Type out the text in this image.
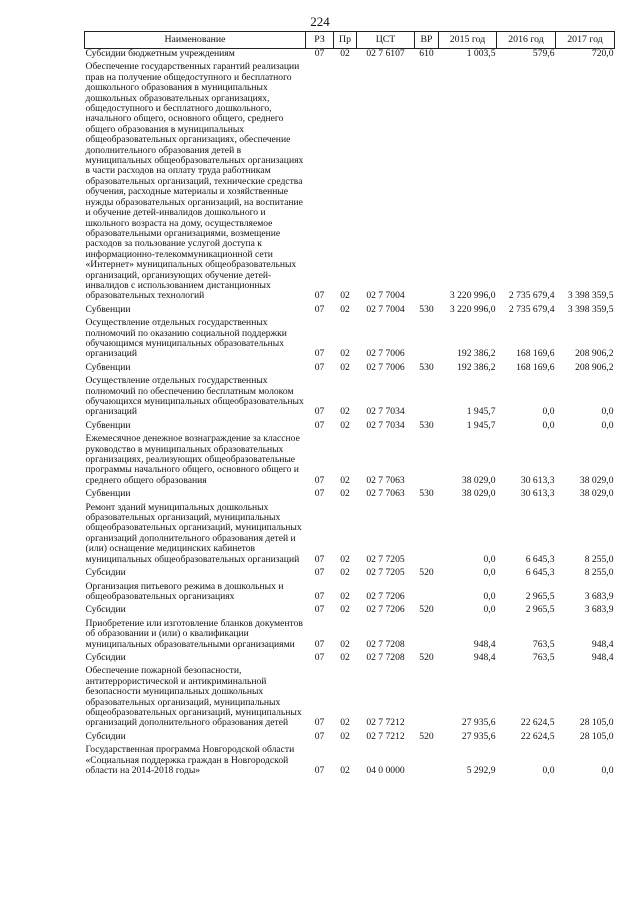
224
Наименование	РЗ	Пр	ЦСТ	ВР	2015 год	2016 год	2017 год
Субсидии бюджетным учреждениям	07	02	02 7 6107	610	1 003,5	579,6	720,0
Обеспечение государственных гарантий реализации прав на получение общедоступного и бесплатного дошкольного образования в муниципальных дошкольных образовательных организациях, общедоступного и бесплатного дошкольного, начального общего, основного общего, среднего общего образования в муниципальных общеобразовательных организациях, обеспечение дополнительного образования детей в муниципальных общеобразовательных организациях в части расходов на оплату труда работникам образовательных организаций, технические средства обучения, расходные материалы и хозяйственные нужды образовательных организаций, на воспитание и обучение детей-инвалидов дошкольного и школьного возраста на дому, осуществляемое образовательными организациями, возмещение расходов за пользование услугой доступа к информационно-телекоммуникационной сети «Интернет» муниципальных общеобразовательных организаций, организующих обучение детей-инвалидов с использованием дистанционных образовательных технологий	07	02	02 7 7004		3 220 996,0	2 735 679,4	3 398 359,5
Субвенции	07	02	02 7 7004	530	3 220 996,0	2 735 679,4	3 398 359,5
Осуществление отдельных государственных полномочий по оказанию социальной поддержки обучающимся муниципальных образовательных организаций	07	02	02 7 7006		192 386,2	168 169,6	208 906,2
Субвенции	07	02	02 7 7006	530	192 386,2	168 169,6	208 906,2
Осуществление отдельных государственных полномочий по обеспечению бесплатным молоком обучающихся муниципальных общеобразовательных организаций	07	02	02 7 7034		1 945,7	0,0	0,0
Субвенции	07	02	02 7 7034	530	1 945,7	0,0	0,0
Ежемесячное денежное вознаграждение за классное руководство в муниципальных образовательных организациях, реализующих общеобразовательные программы начального общего, основного общего и среднего общего образования	07	02	02 7 7063		38 029,0	30 613,3	38 029,0
Субвенции	07	02	02 7 7063	530	38 029,0	30 613,3	38 029,0
Ремонт зданий муниципальных дошкольных образовательных организаций, муниципальных общеобразовательных организаций, муниципальных организаций дополнительного образования детей и (или) оснащение медицинских кабинетов муниципальных общеобразовательных организаций	07	02	02 7 7205		0,0	6 645,3	8 255,0
Субсидии	07	02	02 7 7205	520	0,0	6 645,3	8 255,0
Организация питьевого режима в дошкольных и общеобразовательных организациях	07	02	02 7 7206		0,0	2 965,5	3 683,9
Субсидии	07	02	02 7 7206	520	0,0	2 965,5	3 683,9
Приобретение или изготовление бланков документов об образовании и (или) о квалификации муниципальных образовательными организациями	07	02	02 7 7208		948,4	763,5	948,4
Субсидии	07	02	02 7 7208	520	948,4	763,5	948,4
Обеспечение пожарной безопасности, антитеррористической и антикриминальной безопасности муниципальных дошкольных образовательных организаций, муниципальных общеобразовательных организаций, муниципальных организаций дополнительного образования детей	07	02	02 7 7212		27 935,6	22 624,5	28 105,0
Субсидии	07	02	02 7 7212	520	27 935,6	22 624,5	28 105,0
Государственная программа Новгородской области «Социальная поддержка граждан в Новгородской области на 2014-2018 годы»	07	02	04 0 0000		5 292,9	0,0	0,0
